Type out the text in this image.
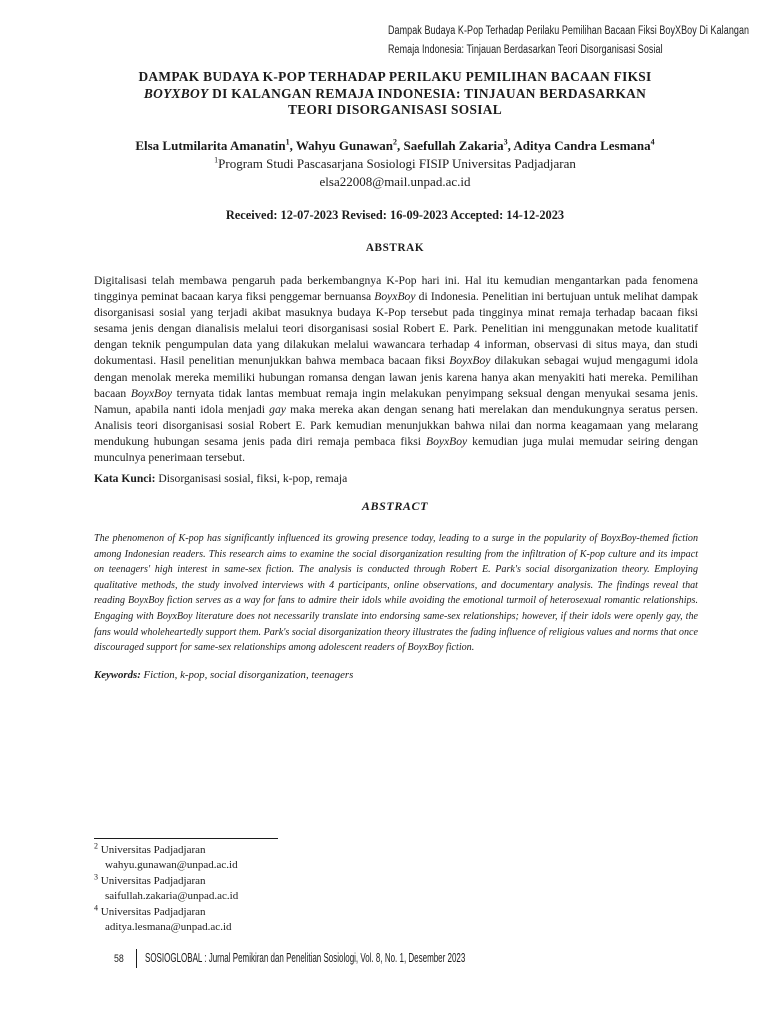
Dampak Budaya K-Pop Terhadap Perilaku Pemilihan Bacaan Fiksi BoyXBoy Di Kalangan
Remaja Indonesia: Tinjauan Berdasarkan Teori Disorganisasi Sosial
DAMPAK BUDAYA K-POP TERHADAP PERILAKU PEMILIHAN BACAAN FIKSI
BOYXBOY DI KALANGAN REMAJA INDONESIA: TINJAUAN BERDASARKAN
TEORI DISORGANISASI SOSIAL
Elsa Lutmilarita Amanatin$^1$, Wahyu Gunawan$^2$, Saefullah Zakaria$^3$, Aditya Candra Lesmana$^4$
$^1$Program Studi Pascasarjana Sosiologi FISIP Universitas Padjadjaran
elsa22008@mail.unpad.ac.id
Received: 12-07-2023 Revised: 16-09-2023 Accepted: 14-12-2023
ABSTRAK
Digitalisasi telah membawa pengaruh pada berkembangnya K-Pop hari ini. Hal itu kemudian mengantarkan pada fenomena tingginya peminat bacaan karya fiksi penggemar bernuansa BoyxBoy di Indonesia. Penelitian ini bertujuan untuk melihat dampak disorganisasi sosial yang terjadi akibat masuknya budaya K-Pop tersebut pada tingginya minat remaja terhadap bacaan fiksi sesama jenis dengan dianalisis melalui teori disorganisasi sosial Robert E. Park. Penelitian ini menggunakan metode kualitatif dengan teknik pengumpulan data yang dilakukan melalui wawancara terhadap 4 informan, observasi di situs maya, dan studi dokumentasi. Hasil penelitian menunjukkan bahwa membaca bacaan fiksi BoyxBoy dilakukan sebagai wujud mengagumi idola dengan menolak mereka memiliki hubungan romansa dengan lawan jenis karena hanya akan menyakiti hati mereka. Pemilihan bacaan BoyxBoy ternyata tidak lantas membuat remaja ingin melakukan penyimpang seksual dengan menyukai sesama jenis. Namun, apabila nanti idola menjadi gay maka mereka akan dengan senang hati merelakan dan mendukungnya seratus persen. Analisis teori disorganisasi sosial Robert E. Park kemudian menunjukkan bahwa nilai dan norma keagamaan yang melarang mendukung hubungan sesama jenis pada diri remaja pembaca fiksi BoyxBoy kemudian juga mulai memudar seiring dengan munculnya penerimaan tersebut.
Kata Kunci: Disorganisasi sosial, fiksi, k-pop, remaja
ABSTRACT
The phenomenon of K-pop has significantly influenced its growing presence today, leading to a surge in the popularity of BoyxBoy-themed fiction among Indonesian readers. This research aims to examine the social disorganization resulting from the infiltration of K-pop culture and its impact on teenagers' high interest in same-sex fiction. The analysis is conducted through Robert E. Park's social disorganization theory. Employing qualitative methods, the study involved interviews with 4 participants, online observations, and documentary analysis. The findings reveal that reading BoyxBoy fiction serves as a way for fans to admire their idols while avoiding the emotional turmoil of heterosexual romantic relationships. Engaging with BoyxBoy literature does not necessarily translate into endorsing same-sex relationships; however, if their idols were openly gay, the fans would wholeheartedly support them. Park's social disorganization theory illustrates the fading influence of religious values and norms that once discouraged support for same-sex relationships among adolescent readers of BoyxBoy fiction.
Keywords: Fiction, k-pop, social disorganization, teenagers
$^2$ Universitas Padjadjaran
wahyu.gunawan@unpad.ac.id
$^3$ Universitas Padjadjaran
saifullah.zakaria@unpad.ac.id
$^4$ Universitas Padjadjaran
aditya.lesmana@unpad.ac.id
58 SOSIOGLOBAL : Jurnal Pemikiran dan Penelitian Sosiologi, Vol. 8, No. 1, Desember 2023
